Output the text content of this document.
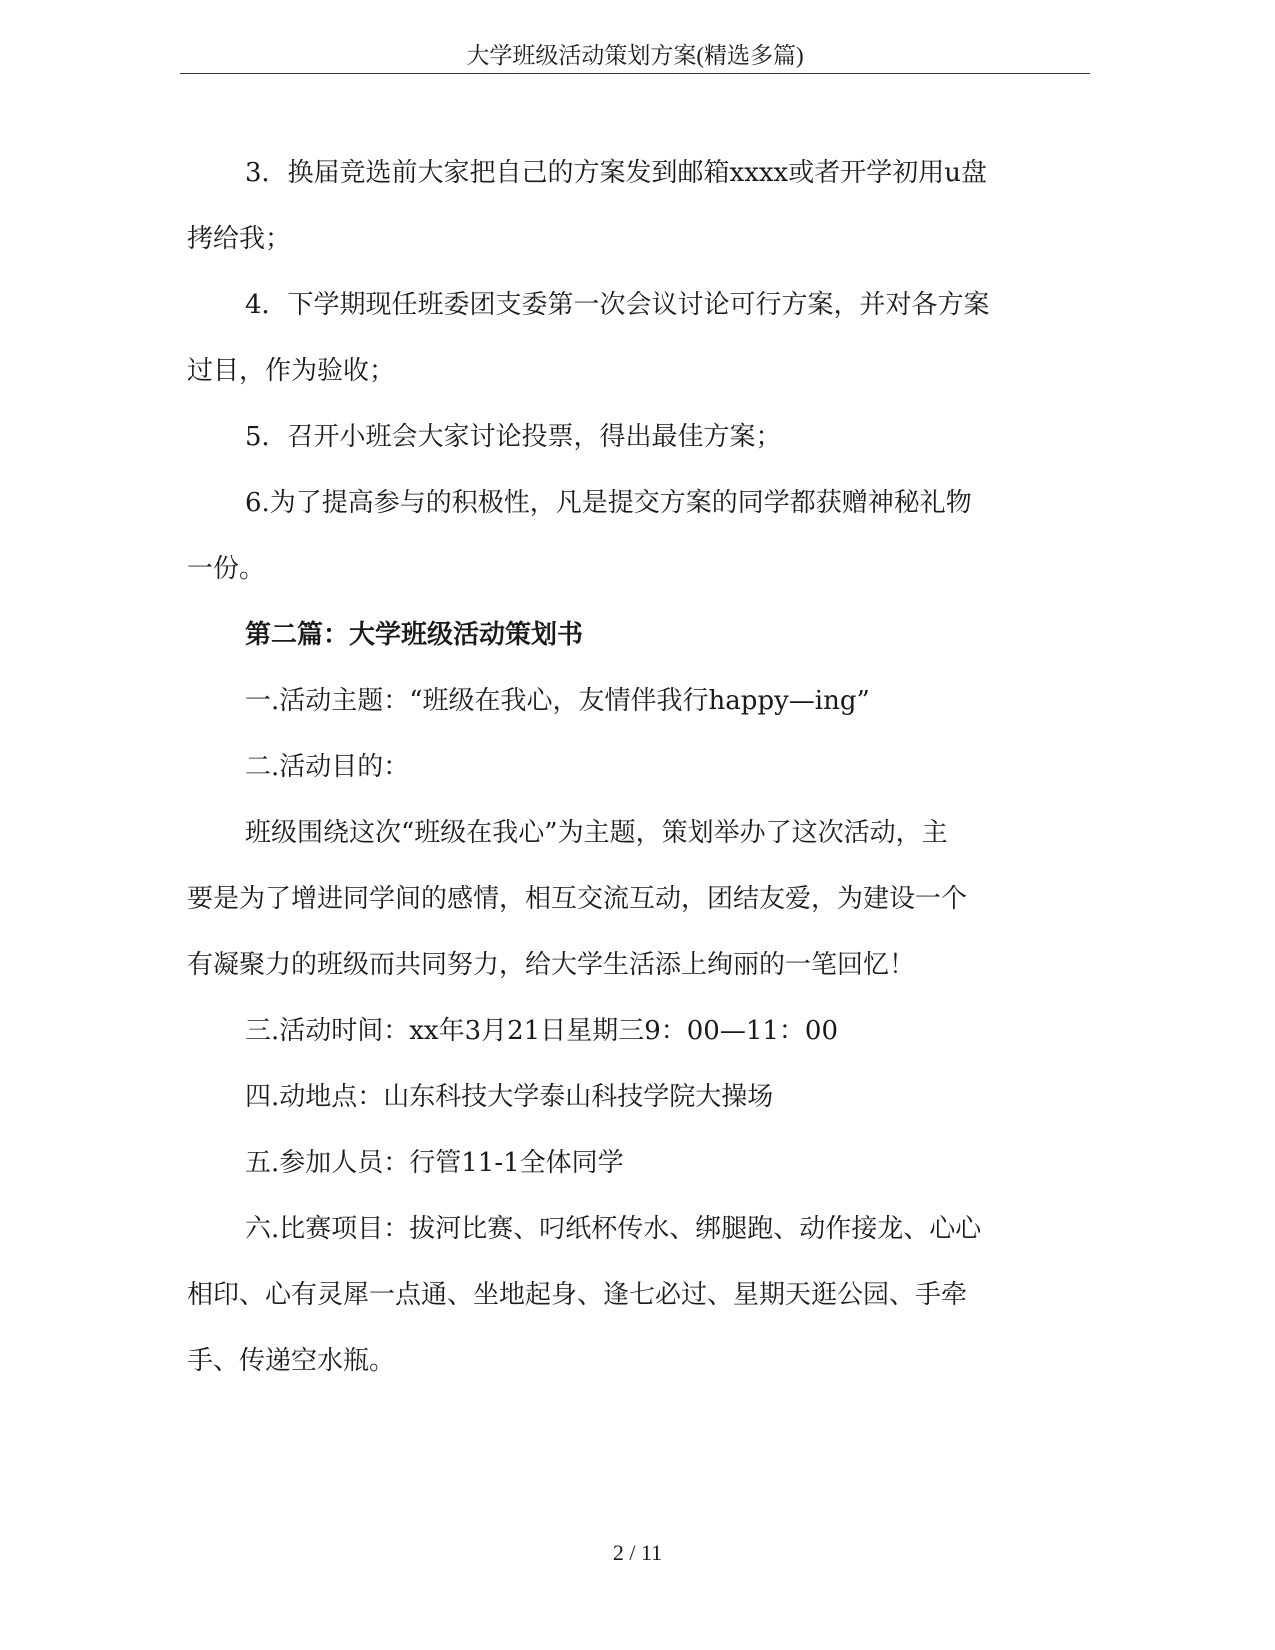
大学班级活动策划方案(精选多篇)
3．换届竞选前大家把自己的方案发到邮箱xxxx或者开学初用u盘
拷给我；
4．下学期现任班委团支委第一次会议讨论可行方案，并对各方案
过目，作为验收；
5．召开小班会大家讨论投票，得出最佳方案；
6.为了提高参与的积极性，凡是提交方案的同学都获赠神秘礼物
一份。
第二篇：大学班级活动策划书
一.活动主题：“班级在我心，友情伴我行happy—ing”
二.活动目的：
班级围绕这次“班级在我心”为主题，策划举办了这次活动，主
要是为了增进同学间的感情，相互交流互动，团结友爱，为建设一个
有凝聚力的班级而共同努力，给大学生活添上绚丽的一笔回忆！
三.活动时间：xx年3月21日星期三9：00—11：00
四.动地点：山东科技大学泰山科技学院大操场
五.参加人员：行管11-1全体同学
六.比赛项目：拔河比赛、叼纸杯传水、绑腿跑、动作接龙、心心
相印、心有灵犀一点通、坐地起身、逢七必过、星期天逛公园、手牵
手、传递空水瓶。
2 / 11
